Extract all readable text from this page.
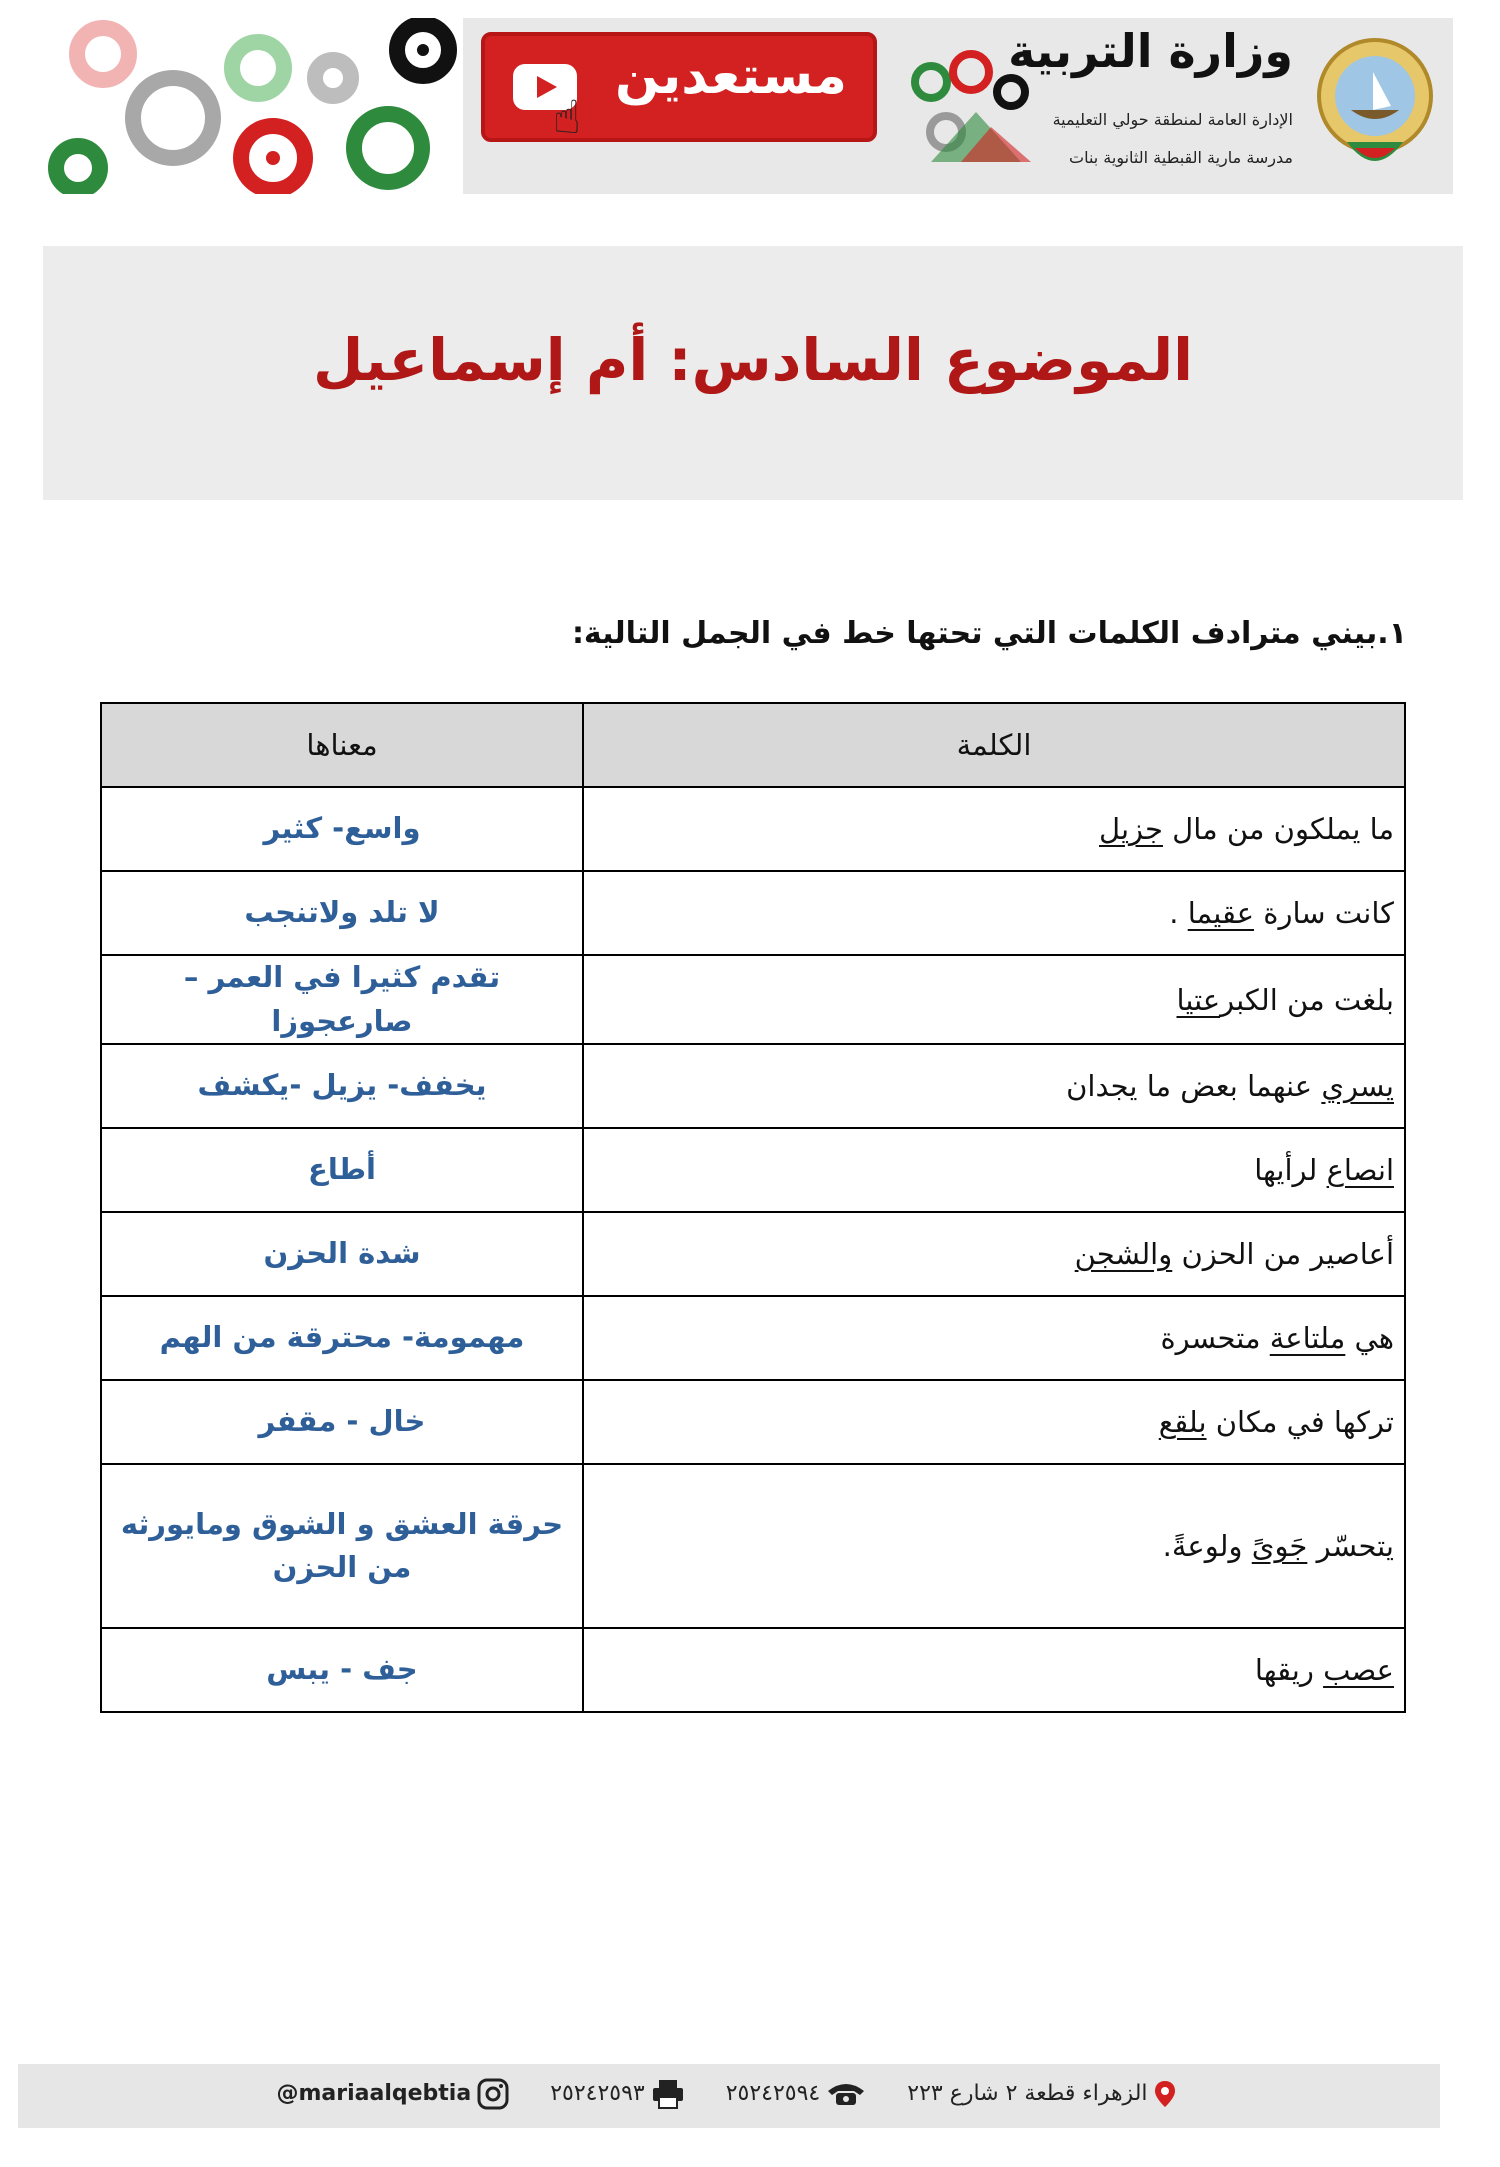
مستعدين
☝
وزارة التربية
الإدارة العامة لمنطقة حولي التعليمية
مدرسة مارية القبطية الثانوية بنات
الموضوع السادس: أم إسماعيل
١.بيني مترادف الكلمات التي تحتها خط في الجمل التالية:
الكلمة	معناها
ما يملكون من مال جزيل	واسع- كثير
كانت سارة عقيما .	لا تلد ولاتنجب
بلغت من الكبرعتيا	تقدم كثيرا في العمر – صارعجوزا
يسري عنهما بعض ما يجدان	يخفف- يزيل -يكشف
انصاع لرأيها	أطاع
أعاصير من الحزن والشجن	شدة الحزن
هي ملتاعة متحسرة	مهمومة- محترقة من الهم
تركها في مكان بلقع	خال - مقفر
يتحسّر جَوىً ولوعةً.	حرقة العشق و الشوق ومايورثه من الحزن
عصب ريقها	جف - يبس
الزهراء قطعة ٢ شارع ٢٢٣ ٢٥٢٤٢٥٩٤ ٢٥٢٤٢٥٩٣ @mariaalqebtia
